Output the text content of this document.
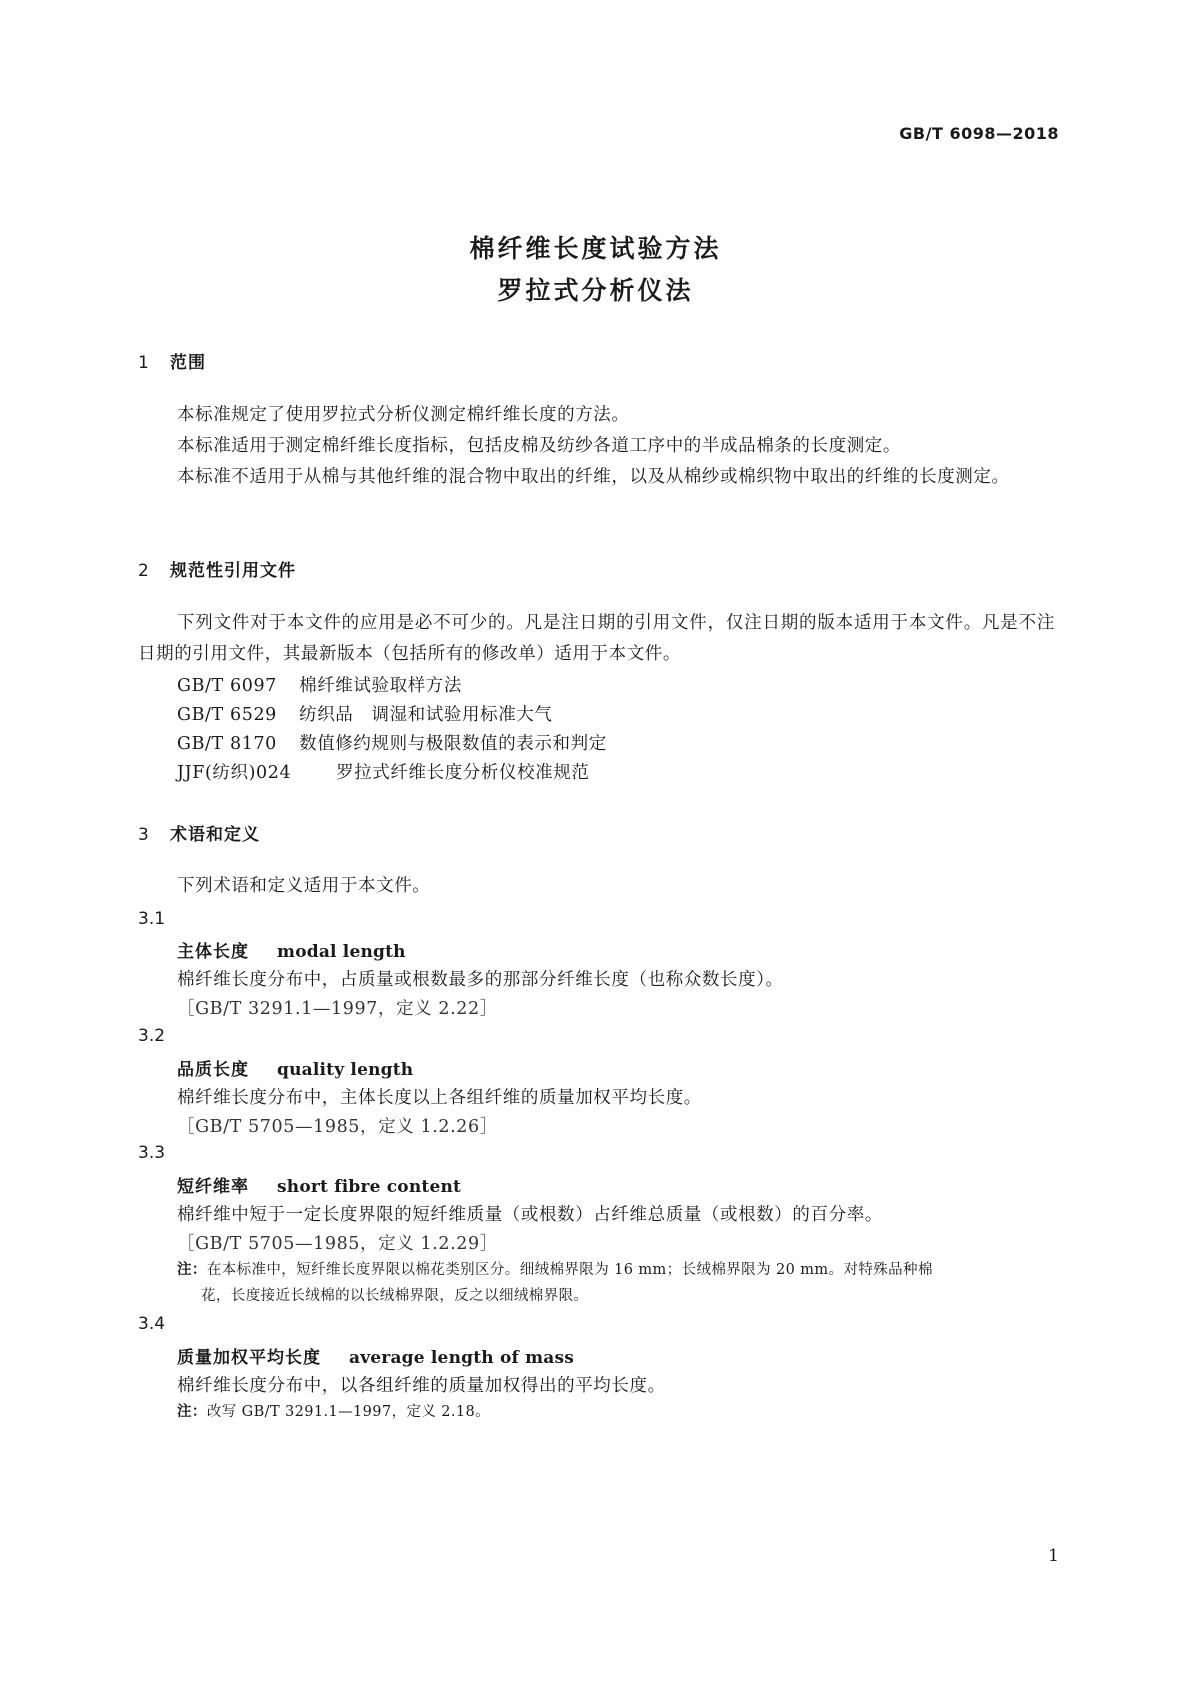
GB/T 6098—2018
棉纤维长度试验方法
罗拉式分析仪法
1 范围
本标准规定了使用罗拉式分析仪测定棉纤维长度的方法。
本标准适用于测定棉纤维长度指标，包括皮棉及纺纱各道工序中的半成品棉条的长度测定。
本标准不适用于从棉与其他纤维的混合物中取出的纤维，以及从棉纱或棉织物中取出的纤维的长度测定。
2 规范性引用文件
下列文件对于本文件的应用是必不可少的。凡是注日期的引用文件，仅注日期的版本适用于本文件。凡是不注日期的引用文件，其最新版本（包括所有的修改单）适用于本文件。
GB/T 6097　 棉纤维试验取样方法
GB/T 6529　 纺织品　调湿和试验用标准大气
GB/T 8170　 数值修约规则与极限数值的表示和判定
JJF(纺织)024　	罗拉式纤维长度分析仪校准规范
3 术语和定义
下列术语和定义适用于本文件。
3.1
主体长度 modal length
棉纤维长度分布中，占质量或根数最多的那部分纤维长度（也称众数长度）。
［GB/T 3291.1—1997，定义 2.22］
3.2
品质长度 quality length
棉纤维长度分布中，主体长度以上各组纤维的质量加权平均长度。
［GB/T 5705—1985，定义 1.2.26］
3.3
短纤维率 short fibre content
棉纤维中短于一定长度界限的短纤维质量（或根数）占纤维总质量（或根数）的百分率。
［GB/T 5705—1985，定义 1.2.29］
注：在本标准中，短纤维长度界限以棉花类别区分。细绒棉界限为 16 mm；长绒棉界限为 20 mm。对特殊品种棉
花，长度接近长绒棉的以长绒棉界限，反之以细绒棉界限。
3.4
质量加权平均长度 average length of mass
棉纤维长度分布中，以各组纤维的质量加权得出的平均长度。
注：改写 GB/T 3291.1—1997，定义 2.18。
1
